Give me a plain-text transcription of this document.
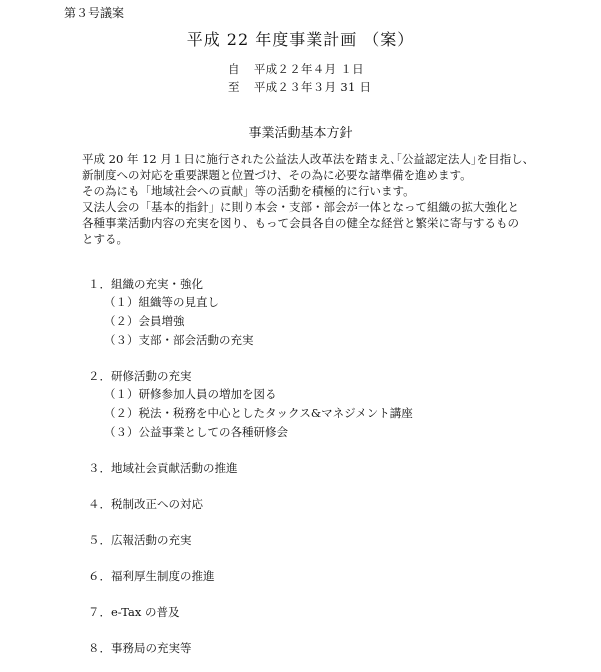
第３号議案
平成 22 年度事業計画 （案）
自 平成２２年４月 １日
至 平成２３年３月 31 日
事業活動基本方針

平成 20 年 12 月１日に施行された公益法人改革法を踏まえ､｢公益認定法人｣を目指し、

新制度への対応を重要課題と位置づけ、その為に必要な諸準備を進めます。

その為にも「地域社会への貢献」等の活動を積極的に行います。

又法人会の「基本的指針」に則り本会・支部・部会が一体となって組織の拡大強化と

各種事業活動内容の充実を図り、もって会員各自の健全な経営と繁栄に寄与するもの

とする。

１．組織の充実・強化
（１）組織等の見直し
（２）会員増強
（３）支部・部会活動の充実
２．研修活動の充実
（１）研修参加人員の増加を図る
（２）税法・税務を中心としたタックス&マネジメント講座
（３）公益事業としての各種研修会
３．地域社会貢献活動の推進
４．税制改正への対応
５．広報活動の充実
６．福利厚生制度の推進
７．e-Tax の普及
８．事務局の充実等
